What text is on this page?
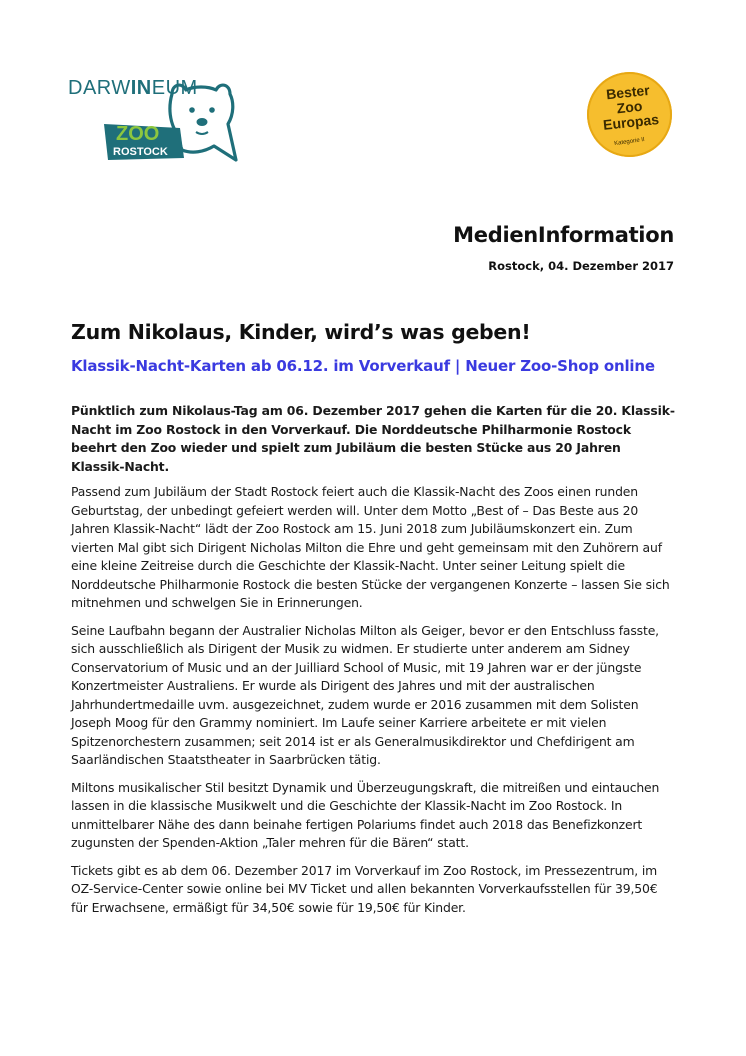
ZOO
ROSTOCK
DARWINEUM	Bester
Zoo
Europas
Kategorie II
MedienInformation
Rostock, 04. Dezember 2017
Zum Nikolaus, Kinder, wird’s was geben!
Klassik-Nacht-Karten ab 06.12. im Vorverkauf | Neuer Zoo-Shop online

Pünktlich zum Nikolaus-Tag am 06. Dezember 2017 gehen die Karten für die 20. Klassik-Nacht im Zoo Rostock in den Vorverkauf. Die Norddeutsche Philharmonie Rostock beehrt den Zoo wieder und spielt zum Jubiläum die besten Stücke aus 20 Jahren Klassik-Nacht.

Passend zum Jubiläum der Stadt Rostock feiert auch die Klassik-Nacht des Zoos einen runden Geburtstag, der unbedingt gefeiert werden will. Unter dem Motto „Best of – Das Beste aus 20 Jahren Klassik-Nacht“ lädt der Zoo Rostock am 15. Juni 2018 zum Jubiläumskonzert ein. Zum vierten Mal gibt sich Dirigent Nicholas Milton die Ehre und geht gemeinsam mit den Zuhörern auf eine kleine Zeitreise durch die Geschichte der Klassik-Nacht. Unter seiner Leitung spielt die Norddeutsche Philharmonie Rostock die besten Stücke der vergangenen Konzerte – lassen Sie sich mitnehmen und schwelgen Sie in Erinnerungen.

Seine Laufbahn begann der Australier Nicholas Milton als Geiger, bevor er den Entschluss fasste, sich ausschließlich als Dirigent der Musik zu widmen. Er studierte unter anderem am Sidney Conservatorium of Music und an der Juilliard School of Music, mit 19 Jahren war er der jüngste Konzertmeister Australiens. Er wurde als Dirigent des Jahres und mit der australischen Jahrhundertmedaille uvm. ausgezeichnet, zudem wurde er 2016 zusammen mit dem Solisten Joseph Moog für den Grammy nominiert. Im Laufe seiner Karriere arbeitete er mit vielen Spitzenorchestern zusammen; seit 2014 ist er als Generalmusikdirektor und Chefdirigent am Saarländischen Staatstheater in Saarbrücken tätig.

Miltons musikalischer Stil besitzt Dynamik und Überzeugungskraft, die mitreißen und eintauchen lassen in die klassische Musikwelt und die Geschichte der Klassik-Nacht im Zoo Rostock. In unmittelbarer Nähe des dann beinahe fertigen Polariums findet auch 2018 das Benefizkonzert zugunsten der Spenden-Aktion „Taler mehren für die Bären“ statt.

Tickets gibt es ab dem 06. Dezember 2017 im Vorverkauf im Zoo Rostock, im Pressezentrum, im OZ-Service-Center sowie online bei MV Ticket und allen bekannten Vorverkaufsstellen für 39,50€ für Erwachsene, ermäßigt für 34,50€ sowie für 19,50€ für Kinder.
